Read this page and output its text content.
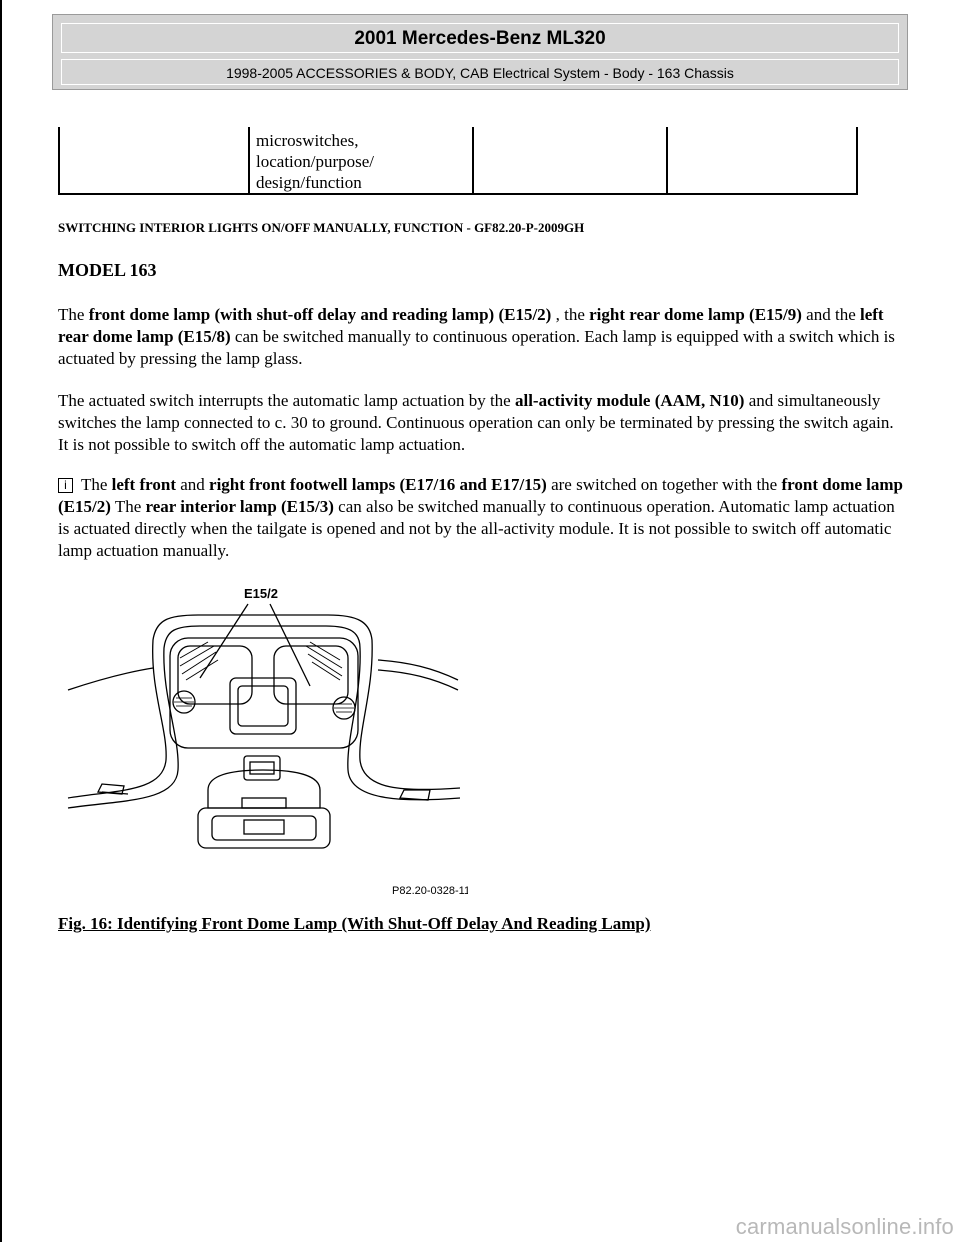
2001 Mercedes-Benz ML320
1998-2005 ACCESSORIES & BODY, CAB Electrical System - Body - 163 Chassis

microswitches,
location/purpose/
design/function

SWITCHING INTERIOR LIGHTS ON/OFF MANUALLY, FUNCTION - GF82.20-P-2009GH
MODEL 163
The front dome lamp (with shut-off delay and reading lamp) (E15/2) , the right rear dome lamp (E15/9) and the left rear dome lamp (E15/8) can be switched manually to continuous operation. Each lamp is equipped with a switch which is actuated by pressing the lamp glass.
The actuated switch interrupts the automatic lamp actuation by the all-activity module (AAM, N10) and simultaneously switches the lamp connected to c. 30 to ground. Continuous operation can only be terminated by pressing the switch again. It is not possible to switch off the automatic lamp actuation.
i The left front and right front footwell lamps (E17/16 and E17/15) are switched on together with the front dome lamp (E15/2) The rear interior lamp (E15/3) can also be switched manually to continuous operation. Automatic lamp actuation is actuated directly when the tailgate is opened and not by the all-activity module. It is not possible to switch off automatic lamp actuation manually.
E15/2
P82.20-0328-11
Fig. 16: Identifying Front Dome Lamp (With Shut-Off Delay And Reading Lamp)
carmanualsonline.info
